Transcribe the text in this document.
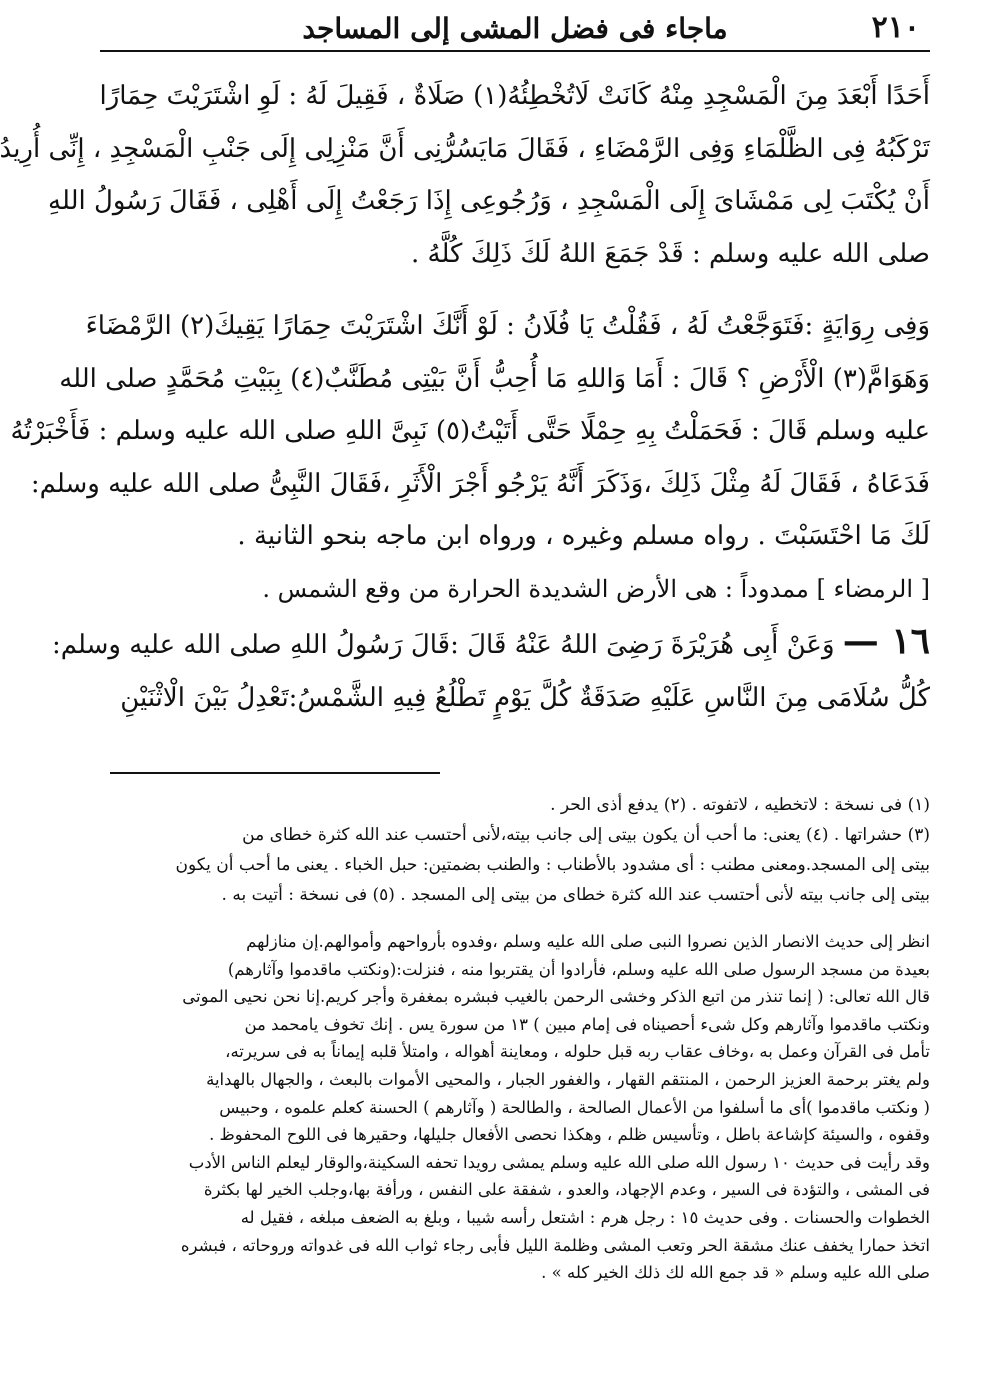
٢١٠
ماجاء فى فضل المشى إلى المساجد

أَحَدًا أَبْعَدَ مِنَ الْمَسْجِدِ مِنْهُ كَانَتْ لَاتُخْطِئُهُ(١) صَلَاةٌ ، فَقِيلَ لَهُ : لَوِ اشْتَرَيْتَ حِمَارًا
تَرْكَبُهُ فِى الظَّلْمَاءِ وَفِى الرَّمْضَاءِ ، فَقَالَ مَايَسُرُّنِى أَنَّ مَنْزِلِى إِلَى جَنْبِ الْمَسْجِدِ ، إِنِّى أُرِيدُ
أَنْ يُكْتَبَ لِى مَمْشَاىَ إِلَى الْمَسْجِدِ ، وَرُجُوعِى إِذَا رَجَعْتُ إِلَى أَهْلِى ، فَقَالَ رَسُولُ اللهِ
صلى الله عليه وسلم : قَدْ جَمَعَ اللهُ لَكَ ذَلِكَ كُلَّهُ .

وَفِى رِوَايَةٍ :فَتَوَجَّعْتُ لَهُ ، فَقُلْتُ يَا فُلَانُ : لَوْ أَنَّكَ اشْتَرَيْتَ حِمَارًا يَقِيكَ(٢) الرَّمْضَاءَ
وَهَوَامَّ(٣) الْأَرْضِ ؟ قَالَ : أَمَا وَاللهِ مَا أُحِبُّ أَنَّ بَيْتِى مُطَنَّبٌ(٤) بِبَيْتِ مُحَمَّدٍ صلى الله
عليه وسلم قَالَ : فَحَمَلْتُ بِهِ حِمْلًا حَتَّى أَتَيْتُ(٥) نَبِىَّ اللهِ صلى الله عليه وسلم : فَأَخْبَرْتُهُ
فَدَعَاهُ ، فَقَالَ لَهُ مِثْلَ ذَلِكَ ،وَذَكَرَ أَنَّهُ يَرْجُو أَجْرَ الْأَثَرِ ،فَقَالَ النَّبِىُّ صلى الله عليه وسلم:
لَكَ مَا احْتَسَبْتَ . رواه مسلم وغيره ، ورواه ابن ماجه بنحو الثانية .

[ الرمضاء ] ممدوداً : هى الأرض الشديدة الحرارة من وقع الشمس .

١٦ — وَعَنْ أَبِى هُرَيْرَةَ رَضِىَ اللهُ عَنْهُ قَالَ :قَالَ رَسُولُ اللهِ صلى الله عليه وسلم:
كُلُّ سُلَامَى مِنَ النَّاسِ عَلَيْهِ صَدَقَةٌ كُلَّ يَوْمٍ تَطْلُعُ فِيهِ الشَّمْسُ:تَعْدِلُ بَيْنَ الْاثْنَيْنِ

(١) فى نسخة : لاتخطيه ، لاتفوته . (٢) يدفع أذى الحر .
(٣) حشراتها . (٤) يعنى: ما أحب أن يكون بيتى إلى جانب بيته،لأنى أحتسب عند الله كثرة خطاى من
بيتى إلى المسجد.ومعنى مطنب : أى مشدود بالأطناب : والطنب بضمتين: حبل الخباء . يعنى ما أحب أن يكون
بيتى إلى جانب بيته لأنى أحتسب عند الله كثرة خطاى من بيتى إلى المسجد . (٥) فى نسخة : أتيت به .
انظر إلى حديث الانصار الذين نصروا النبى صلى الله عليه وسلم ،وفدوه بأرواحهم وأموالهم.إن منازلهم
بعيدة من مسجد الرسول صلى الله عليه وسلم، فأرادوا أن يقتربوا منه ، فنزلت:(ونكتب ماقدموا وآثارهم)
قال الله تعالى: ( إنما تنذر من اتبع الذكر وخشى الرحمن بالغيب فبشره بمغفرة وأجر كريم.إنا نحن نحيى الموتى
ونكتب ماقدموا وآثارهم وكل شىء أحصيناه فى إمام مبين ) ١٣ من سورة يس . إنك تخوف يامحمد من
تأمل فى القرآن وعمل به ،وخاف عقاب ربه قبل حلوله ، ومعاينة أهواله ، وامتلأ قلبه إيماناً به فى سريرته،
ولم يغتر برحمة العزيز الرحمن ، المنتقم القهار ، والغفور الجبار ، والمحيى الأموات بالبعث ، والجهال بالهداية
( ونكتب ماقدموا )أى ما أسلفوا من الأعمال الصالحة ، والطالحة ( وآثارهم ) الحسنة كعلم علموه ، وحبيس
وقفوه ، والسيئة كإشاعة باطل ، وتأسيس ظلم ، وهكذا نحصى الأفعال جليلها، وحقيرها فى اللوح المحفوظ .
وقد رأيت فى حديث ١٠ رسول الله صلى الله عليه وسلم يمشى رويدا تحفه السكينة،والوقار ليعلم الناس الأدب
فى المشى ، والتؤدة فى السير ، وعدم الإجهاد، والعدو ، شفقة على النفس ، ورأفة بها،وجلب الخير لها بكثرة
الخطوات والحسنات . وفى حديث ١٥ : رجل هرم : اشتعل رأسه شيبا ، وبلغ به الضعف مبلغه ، فقيل له
اتخذ حمارا يخفف عنك مشقة الحر وتعب المشى وظلمة الليل فأبى رجاء ثواب الله فى غدواته وروحاته ، فبشره
صلى الله عليه وسلم « قد جمع الله لك ذلك الخير كله » .
